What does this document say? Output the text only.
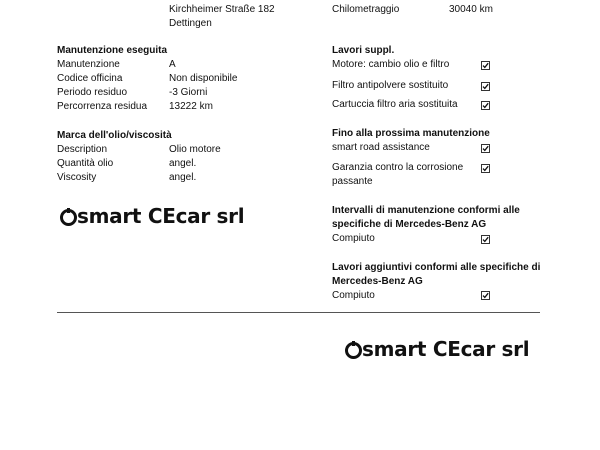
Kirchheimer Straße 182
Dettingen
Chilometraggio	30040 km
Manutenzione eseguita
Manutenzione	A
Codice officina	Non disponibile
Periodo residuo	-3 Giorni
Percorrenza residua 13222 km
Marca dell'olio/viscosità
Description	Olio motore
Quantità olio	angel.
Viscosity	angel.
smart CEcar srl
Lavori suppl.
Motore: cambio olio e filtro
Filtro antipolvere sostituito
Cartuccia filtro aria sostituita
Fino alla prossima manutenzione
smart road assistance
Garanzia contro la corrosione
passante
Intervalli di manutenzione conformi alle
specifiche di Mercedes-Benz AG
Compiuto
Lavori aggiuntivi conformi alle specifiche di
Mercedes-Benz AG
Compiuto
smart CEcar srl
